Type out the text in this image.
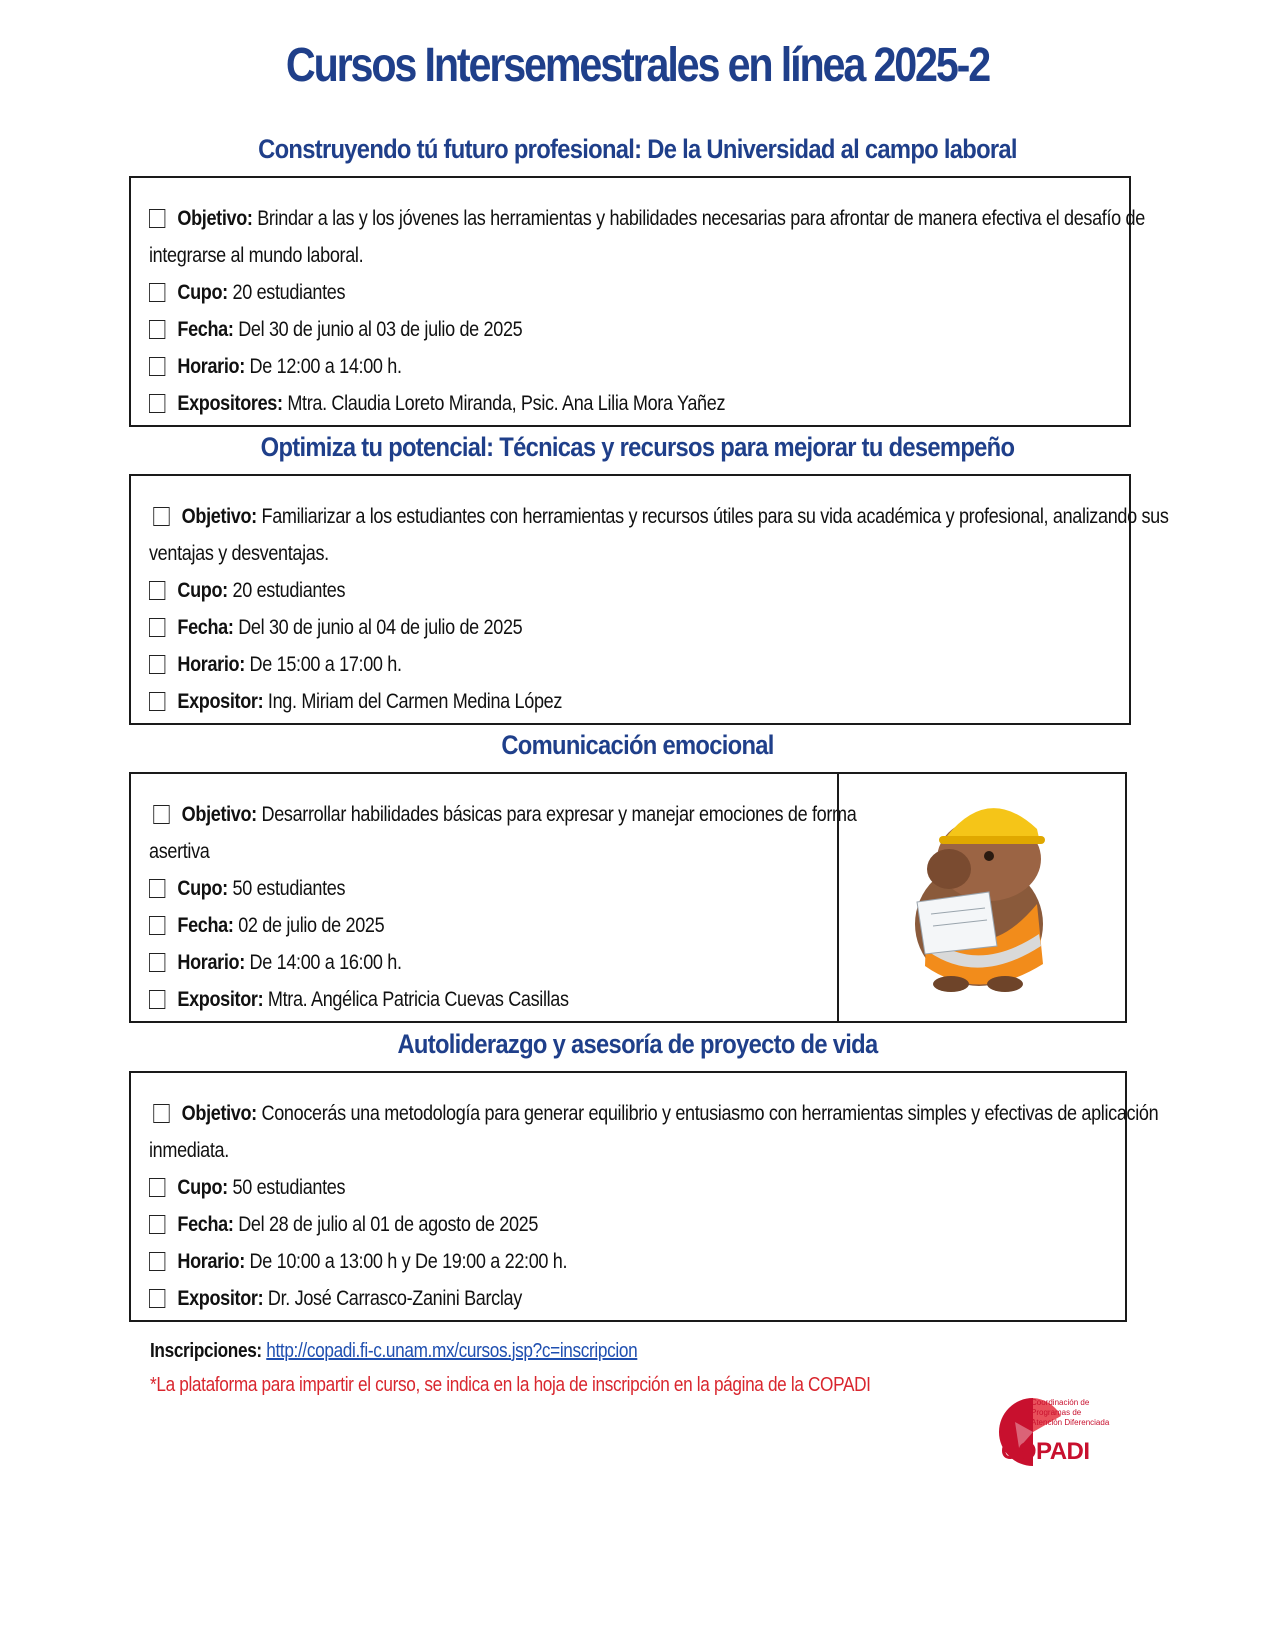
Cursos Intersemestrales en línea 2025-2
Construyendo tú futuro profesional: De la Universidad al campo laboral
Objetivo: Brindar a las y los jóvenes las herramientas y habilidades necesarias para afrontar de manera efectiva el desafío de
integrarse al mundo laboral.
Cupo: 20 estudiantes
Fecha: Del 30 de junio al 03 de julio de 2025
Horario: De 12:00 a 14:00 h.
Expositores: Mtra. Claudia Loreto Miranda, Psic. Ana Lilia Mora Yañez
Optimiza tu potencial: Técnicas y recursos para mejorar tu desempeño
Objetivo: Familiarizar a los estudiantes con herramientas y recursos útiles para su vida académica y profesional, analizando sus
ventajas y desventajas.
Cupo: 20 estudiantes
Fecha: Del 30 de junio al 04 de julio de 2025
Horario: De 15:00 a 17:00 h.
Expositor: Ing. Miriam del Carmen Medina López
Comunicación emocional
Objetivo: Desarrollar habilidades básicas para expresar y manejar emociones de forma
asertiva
Cupo: 50 estudiantes
Fecha: 02 de julio de 2025
Horario: De 14:00 a 16:00 h.
Expositor: Mtra. Angélica Patricia Cuevas Casillas
Autoliderazgo y asesoría de proyecto de vida
Objetivo: Conocerás una metodología para generar equilibrio y entusiasmo con herramientas simples y efectivas de aplicación
inmediata.
Cupo: 50 estudiantes
Fecha: Del 28 de julio al 01 de agosto de 2025
Horario: De 10:00 a 13:00 h y De 19:00 a 22:00 h.
Expositor: Dr. José Carrasco-Zanini Barclay
Inscripciones: http://copadi.fi-c.unam.mx/cursos.jsp?c=inscripcion
*La plataforma para impartir el curso, se indica en la hoja de inscripción en la página de la COPADI
Coordinación de Programas de Atención Diferenciada
COPADI
